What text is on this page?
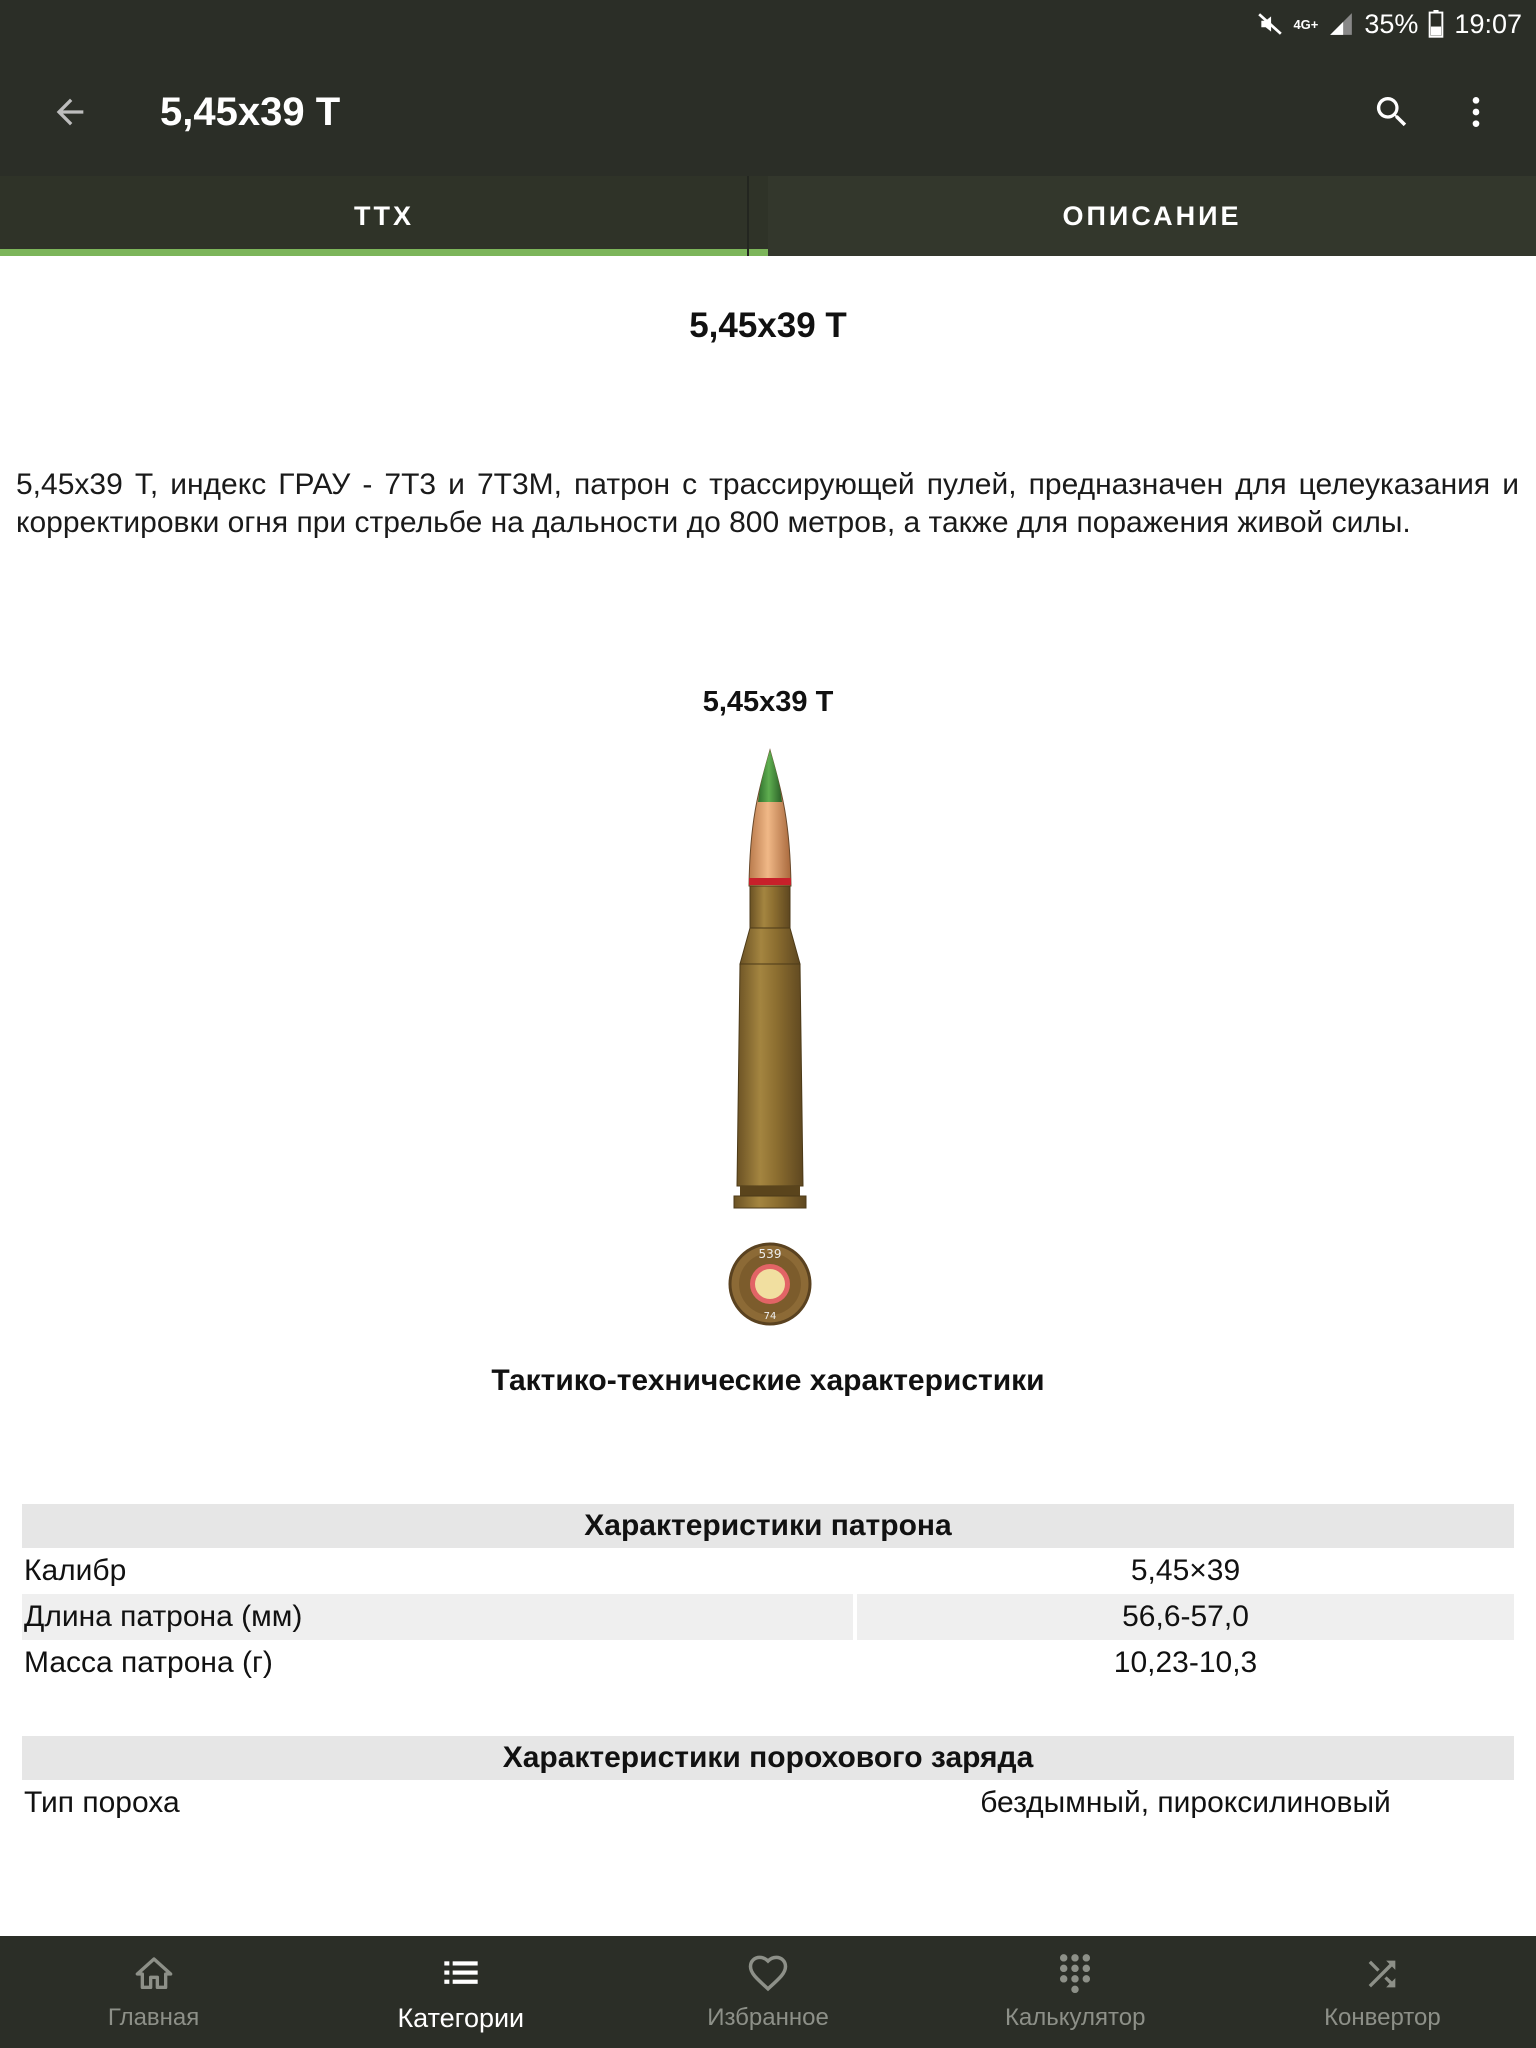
4G+ 35% 19:07
5,45x39 Т
ТТХ	ОПИСАНИЕ
5,45x39 Т
5,45x39 Т, индекс ГРАУ - 7Т3 и 7Т3М, патрон с трассирующей пулей, предназначен для целеуказания и корректировки огня при стрельбе на дальности до 800 метров, а также для поражения живой силы.
5,45x39 Т
539
74
Тактико-технические характеристики
Характеристики патрона	
Калибр	5,45×39
Длина патрона (мм)	56,6-57,0
Масса патрона (г)	10,23-10,3
Характеристики порохового заряда
Тип пороха	бездымный, пироксилиновый
Главная	Категории	Избранное	Калькулятор	Конвертор
